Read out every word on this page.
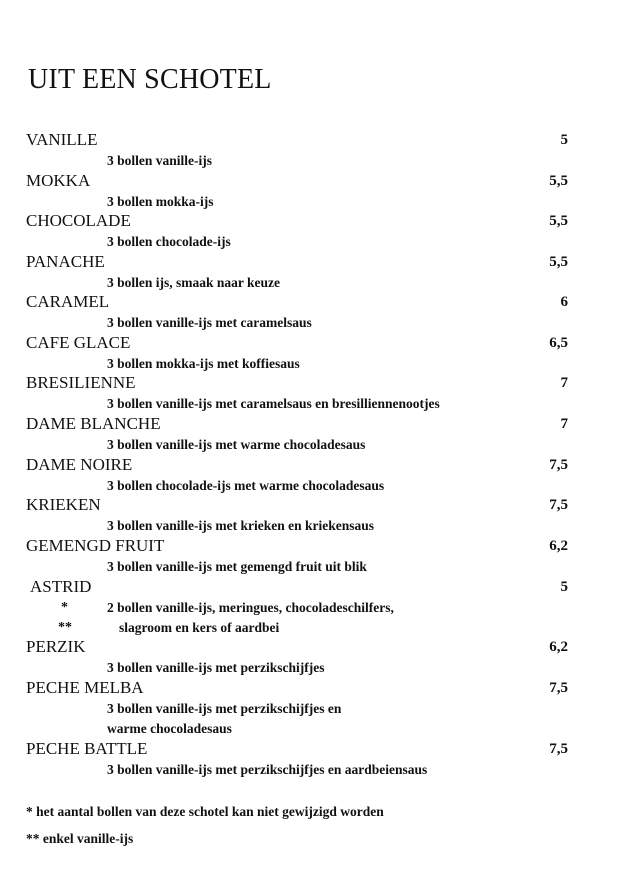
UIT EEN SCHOTEL
VANILLE	5
3 bollen vanille-ijs
MOKKA	5,5
3 bollen mokka-ijs
CHOCOLADE	5,5
3 bollen chocolade-ijs
PANACHE	5,5
3 bollen ijs, smaak naar keuze
CARAMEL	6
3 bollen vanille-ijs met caramelsaus
CAFE GLACE	6,5
3 bollen mokka-ijs met koffiesaus
BRESILIENNE	7
3 bollen vanille-ijs met caramelsaus en bresilliennenootjes
DAME BLANCHE	7
3 bollen vanille-ijs met warme chocoladesaus
DAME NOIRE	7,5
3 bollen chocolade-ijs met warme chocoladesaus
KRIEKEN	7,5
3 bollen vanille-ijs met krieken en kriekensaus
GEMENGD FRUIT	6,2
3 bollen vanille-ijs met gemengd fruit uit blik
ASTRID	5
*	2 bollen vanille-ijs, meringues, chocoladeschilfers,
**	slagroom en kers of aardbei
PERZIK	6,2
3 bollen vanille-ijs met perzikschijfjes
PECHE MELBA	7,5
3 bollen vanille-ijs met perzikschijfjes en
warme chocoladesaus
PECHE BATTLE	7,5
3 bollen vanille-ijs met perzikschijfjes en aardbeiensaus
* het aantal bollen van deze schotel kan niet gewijzigd worden
** enkel vanille-ijs
